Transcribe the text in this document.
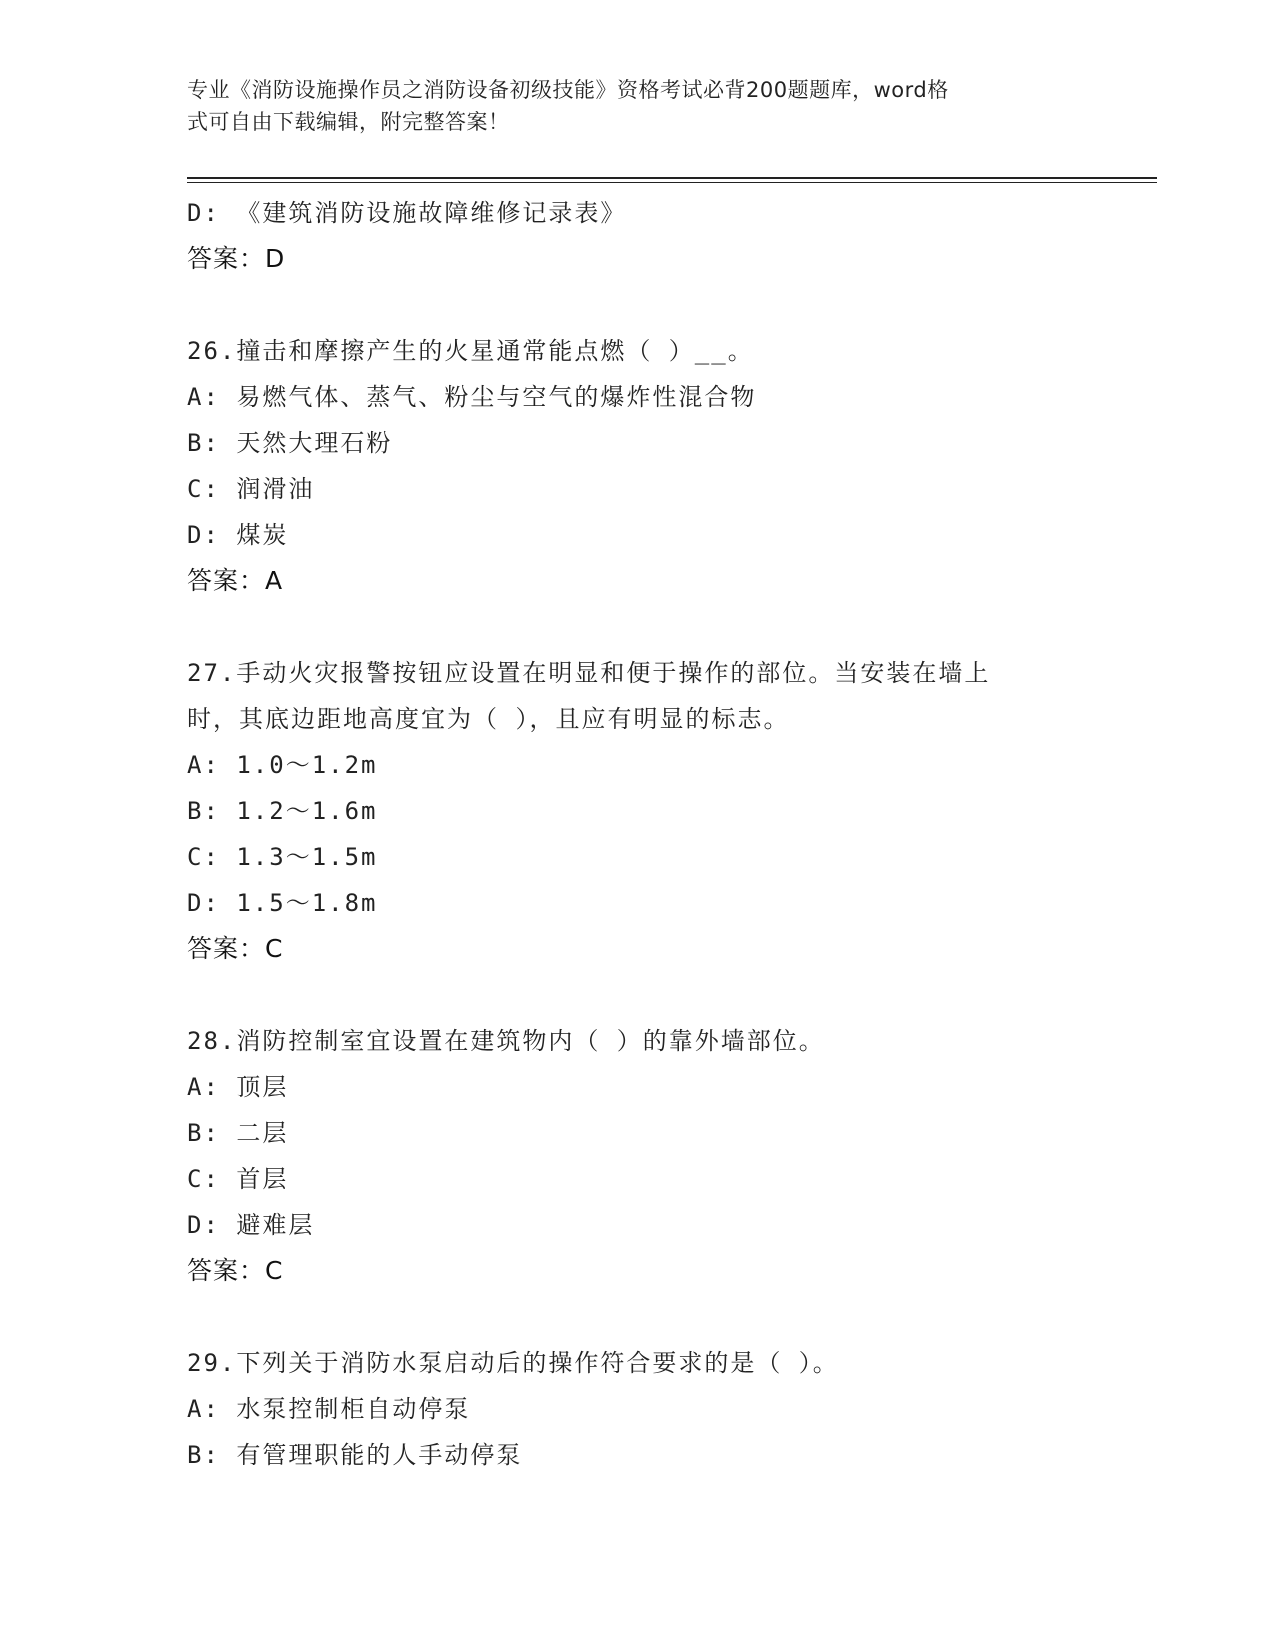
专业《消防设施操作员之消防设备初级技能》资格考试必背200题题库，word格
式可自由下载编辑，附完整答案！
D: 《建筑消防设施故障维修记录表》
答案：D
26.撞击和摩擦产生的火星通常能点燃（ ）__。
A: 易燃气体、蒸气、粉尘与空气的爆炸性混合物
B: 天然大理石粉
C: 润滑油
D: 煤炭
答案：A
27.手动火灾报警按钮应设置在明显和便于操作的部位。当安装在墙上
时，其底边距地高度宜为（ ），且应有明显的标志。
A: 1.0～1.2m
B: 1.2～1.6m
C: 1.3～1.5m
D: 1.5～1.8m
答案：C
28.消防控制室宜设置在建筑物内（ ）的靠外墙部位。
A: 顶层
B: 二层
C: 首层
D: 避难层
答案：C
29.下列关于消防水泵启动后的操作符合要求的是（ ）。
A: 水泵控制柜自动停泵
B: 有管理职能的人手动停泵
